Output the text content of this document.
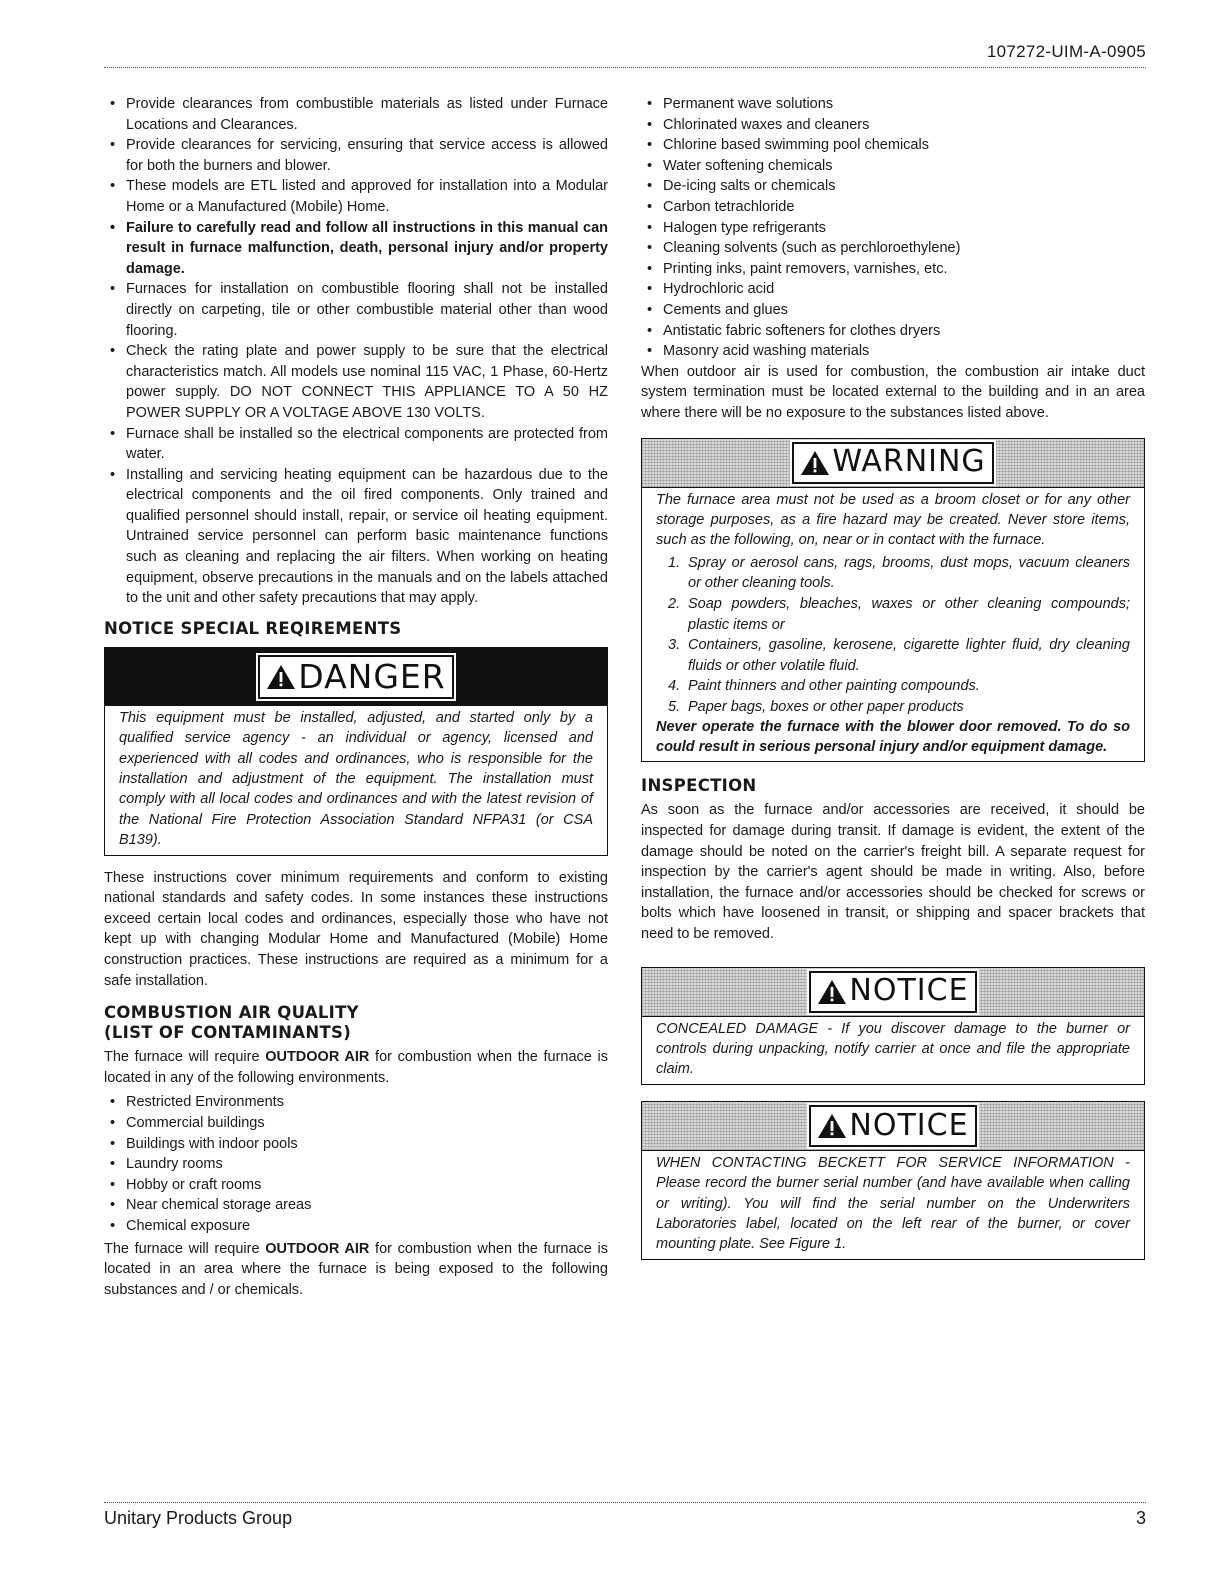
107272-UIM-A-0905
• Provide clearances from combustible materials as listed under Furnace Locations and Clearances.
• Provide clearances for servicing, ensuring that service access is allowed for both the burners and blower.
• These models are ETL listed and approved for installation into a Modular Home or a Manufactured (Mobile) Home.
• Failure to carefully read and follow all instructions in this manual can result in furnace malfunction, death, personal injury and/or property damage.
• Furnaces for installation on combustible flooring shall not be installed directly on carpeting, tile or other combustible material other than wood flooring.
• Check the rating plate and power supply to be sure that the electrical characteristics match. All models use nominal 115 VAC, 1 Phase, 60-Hertz power supply. DO NOT CONNECT THIS APPLIANCE TO A 50 HZ POWER SUPPLY OR A VOLTAGE ABOVE 130 VOLTS.
• Furnace shall be installed so the electrical components are protected from water.
• Installing and servicing heating equipment can be hazardous due to the electrical components and the oil fired components. Only trained and qualified personnel should install, repair, or service oil heating equipment. Untrained service personnel can perform basic maintenance functions such as cleaning and replacing the air filters. When working on heating equipment, observe precautions in the manuals and on the labels attached to the unit and other safety precautions that may apply.
NOTICE SPECIAL REQIREMENTS
DANGER
This equipment must be installed, adjusted, and started only by a qualified service agency - an individual or agency, licensed and experienced with all codes and ordinances, who is responsible for the installation and adjustment of the equipment. The installation must comply with all local codes and ordinances and with the latest revision of the National Fire Protection Association Standard NFPA31 (or CSA B139).

These instructions cover minimum requirements and conform to existing national standards and safety codes. In some instances these instructions exceed certain local codes and ordinances, especially those who have not kept up with changing Modular Home and Manufactured (Mobile) Home construction practices. These instructions are required as a minimum for a safe installation.

COMBUSTION AIR QUALITY
(LIST OF CONTAMINANTS)

The furnace will require OUTDOOR AIR for combustion when the furnace is located in any of the following environments.

• Restricted Environments
• Commercial buildings
• Buildings with indoor pools
• Laundry rooms
• Hobby or craft rooms
• Near chemical storage areas
• Chemical exposure

The furnace will require OUTDOOR AIR for combustion when the furnace is located in an area where the furnace is being exposed to the following substances and / or chemicals.

• Permanent wave solutions
• Chlorinated waxes and cleaners
• Chlorine based swimming pool chemicals
• Water softening chemicals
• De-icing salts or chemicals
• Carbon tetrachloride
• Halogen type refrigerants
• Cleaning solvents (such as perchloroethylene)
• Printing inks, paint removers, varnishes, etc.
• Hydrochloric acid
• Cements and glues
• Antistatic fabric softeners for clothes dryers
• Masonry acid washing materials

When outdoor air is used for combustion, the combustion air intake duct system termination must be located external to the building and in an area where there will be no exposure to the substances listed above.

WARNING
The furnace area must not be used as a broom closet or for any other storage purposes, as a fire hazard may be created. Never store items, such as the following, on, near or in contact with the furnace.
1. Spray or aerosol cans, rags, brooms, dust mops, vacuum cleaners or other cleaning tools.
2. Soap powders, bleaches, waxes or other cleaning compounds; plastic items or
3. Containers, gasoline, kerosene, cigarette lighter fluid, dry cleaning fluids or other volatile fluid.
4. Paint thinners and other painting compounds.
5. Paper bags, boxes or other paper products
Never operate the furnace with the blower door removed. To do so could result in serious personal injury and/or equipment damage.
INSPECTION

As soon as the furnace and/or accessories are received, it should be inspected for damage during transit. If damage is evident, the extent of the damage should be noted on the carrier's freight bill. A separate request for inspection by the carrier's agent should be made in writing. Also, before installation, the furnace and/or accessories should be checked for screws or bolts which have loosened in transit, or shipping and spacer brackets that need to be removed.

NOTICE
CONCEALED DAMAGE - If you discover damage to the burner or controls during unpacking, notify carrier at once and file the appropriate claim.
NOTICE
WHEN CONTACTING BECKETT FOR SERVICE INFORMATION - Please record the burner serial number (and have available when calling or writing). You will find the serial number on the Underwriters Laboratories label, located on the left rear of the burner, or cover mounting plate. See Figure 1.
Unitary Products Group	3
